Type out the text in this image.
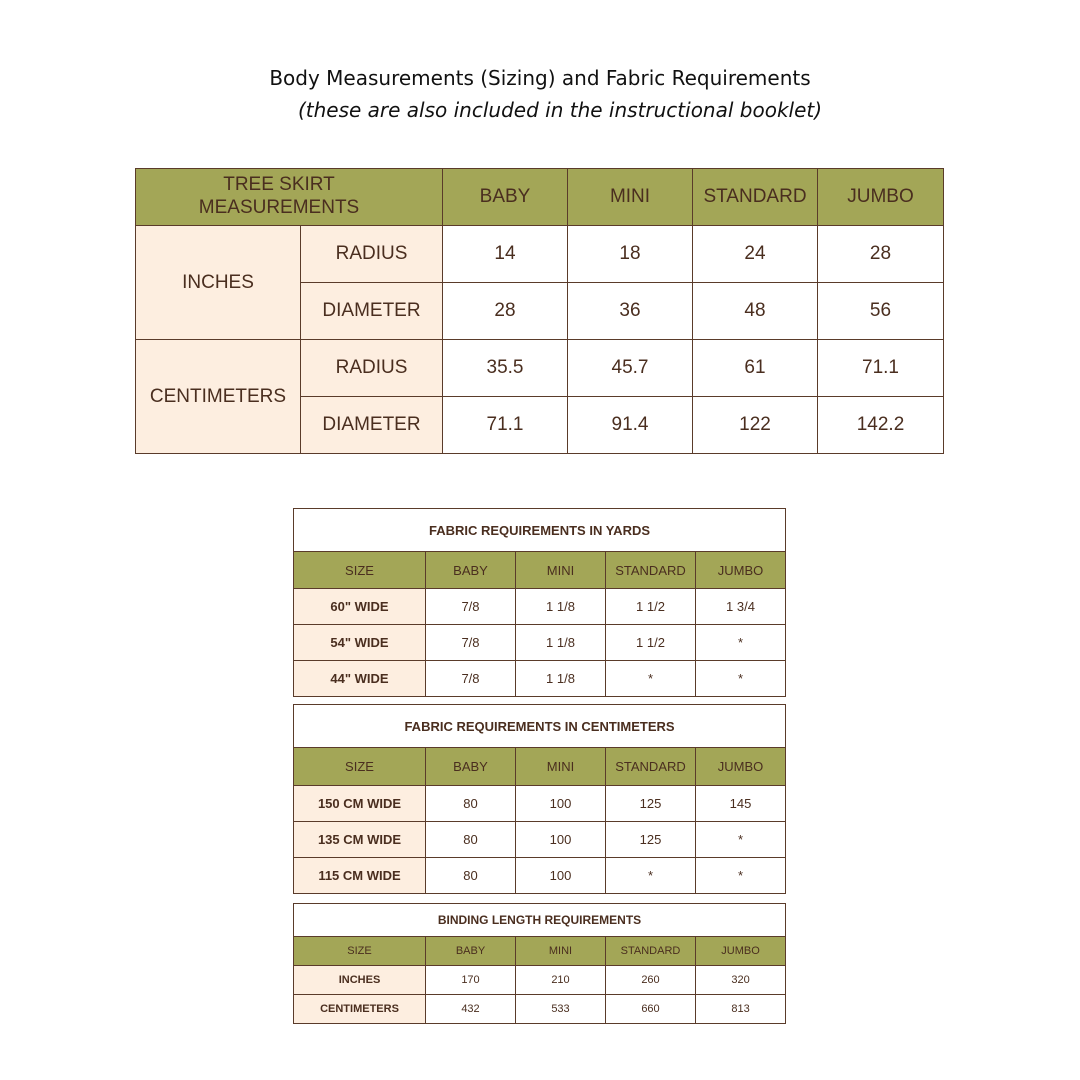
Body Measurements (Sizing) and Fabric Requirements
(these are also included in the instructional booklet)
TREE SKIRT MEASUREMENTS		BABY	MINI	STANDARD	JUMBO
INCHES	RADIUS	14	18	24	28
	DIAMETER	28	36	48	56
CENTIMETERS	RADIUS	35.5	45.7	61	71.1
	DIAMETER	71.1	91.4	122	142.2
FABRIC REQUIREMENTS IN YARDS				
SIZE	BABY	MINI	STANDARD	JUMBO
60" WIDE	7/8	1 1/8	1 1/2	1 3/4
54" WIDE	7/8	1 1/8	1 1/2	*
44" WIDE	7/8	1 1/8	*	*
FABRIC REQUIREMENTS IN CENTIMETERS				
SIZE	BABY	MINI	STANDARD	JUMBO
150 CM WIDE	80	100	125	145
135 CM WIDE	80	100	125	*
115 CM WIDE	80	100	*	*
BINDING LENGTH REQUIREMENTS				
SIZE	BABY	MINI	STANDARD	JUMBO
INCHES	170	210	260	320
CENTIMETERS	432	533	660	813
